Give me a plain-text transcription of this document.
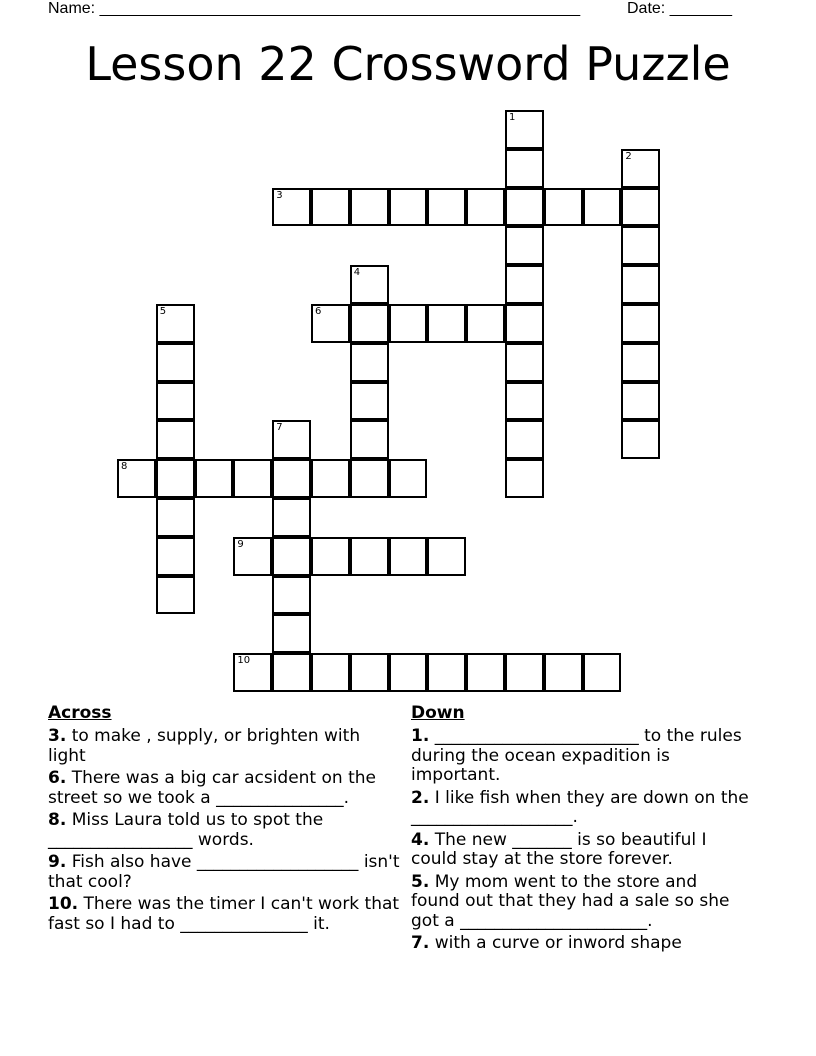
Name: ______________________________________________________	Date: _______
Lesson 22 Crossword Puzzle
1
2
3
4
5	6
7
8
9
10
Across
3. to make , supply, or brighten with light
6. There was a big car acsident on the street so we took a _______________.
8. Miss Laura told us to spot the _________________ words.
9. Fish also have ___________________ isn't that cool?
10. There was the timer I can't work that fast so I had to _______________ it.
Down
1. ________________________ to the rules during the ocean expadition is important.
2. I like fish when they are down on the ___________________.
4. The new _______ is so beautiful I could stay at the store forever.
5. My mom went to the store and found out that they had a sale so she got a ______________________.
7. with a curve or inword shape
